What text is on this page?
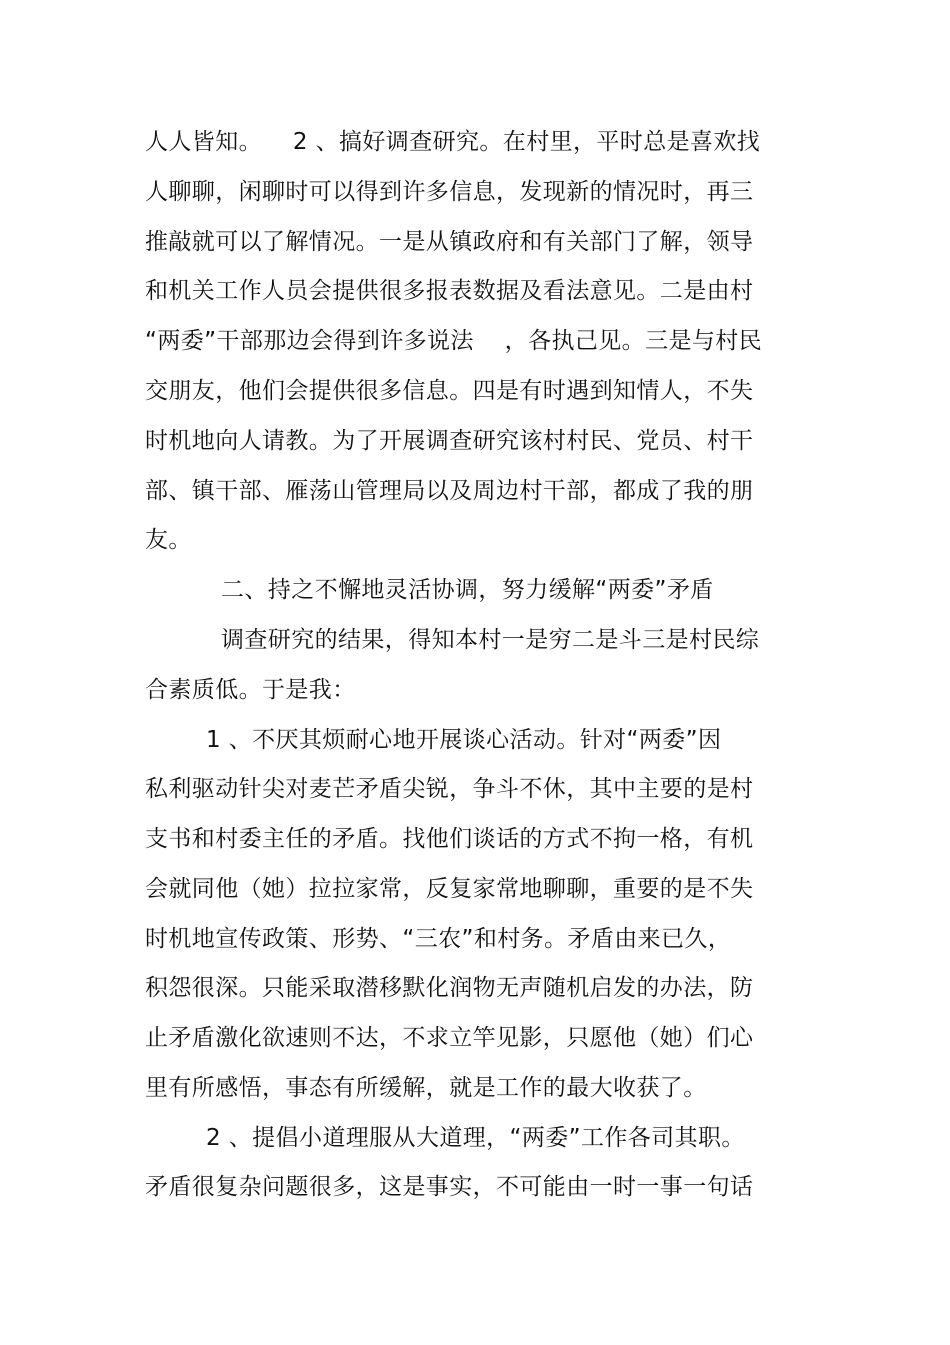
人人皆知。    2 、搞好调查研究。在村里，平时总是喜欢找

人聊聊，闲聊时可以得到许多信息，发现新的情况时，再三

推敲就可以了解情况。一是从镇政府和有关部门了解，领导

和机关工作人员会提供很多报表数据及看法意见。二是由村

“两委”干部那边会得到许多说法    ，各执己见。三是与村民

交朋友，他们会提供很多信息。四是有时遇到知情人，不失

时机地向人请教。为了开展调查研究该村村民、党员、村干

部、镇干部、雁荡山管理局以及周边村干部，都成了我的朋

友。

二、持之不懈地灵活协调，努力缓解“两委”矛盾

调查研究的结果，得知本村一是穷二是斗三是村民综

合素质低。于是我：

1 、不厌其烦耐心地开展谈心活动。针对“两委”因

私利驱动针尖对麦芒矛盾尖锐，争斗不休，其中主要的是村

支书和村委主任的矛盾。找他们谈话的方式不拘一格，有机

会就同他（她）拉拉家常，反复家常地聊聊，重要的是不失

时机地宣传政策、形势、“三农”和村务。矛盾由来已久，

积怨很深。只能采取潜移默化润物无声随机启发的办法，防

止矛盾激化欲速则不达，不求立竿见影，只愿他（她）们心

里有所感悟，事态有所缓解，就是工作的最大收获了。

2 、提倡小道理服从大道理，“两委”工作各司其职。

矛盾很复杂问题很多，这是事实，不可能由一时一事一句话
